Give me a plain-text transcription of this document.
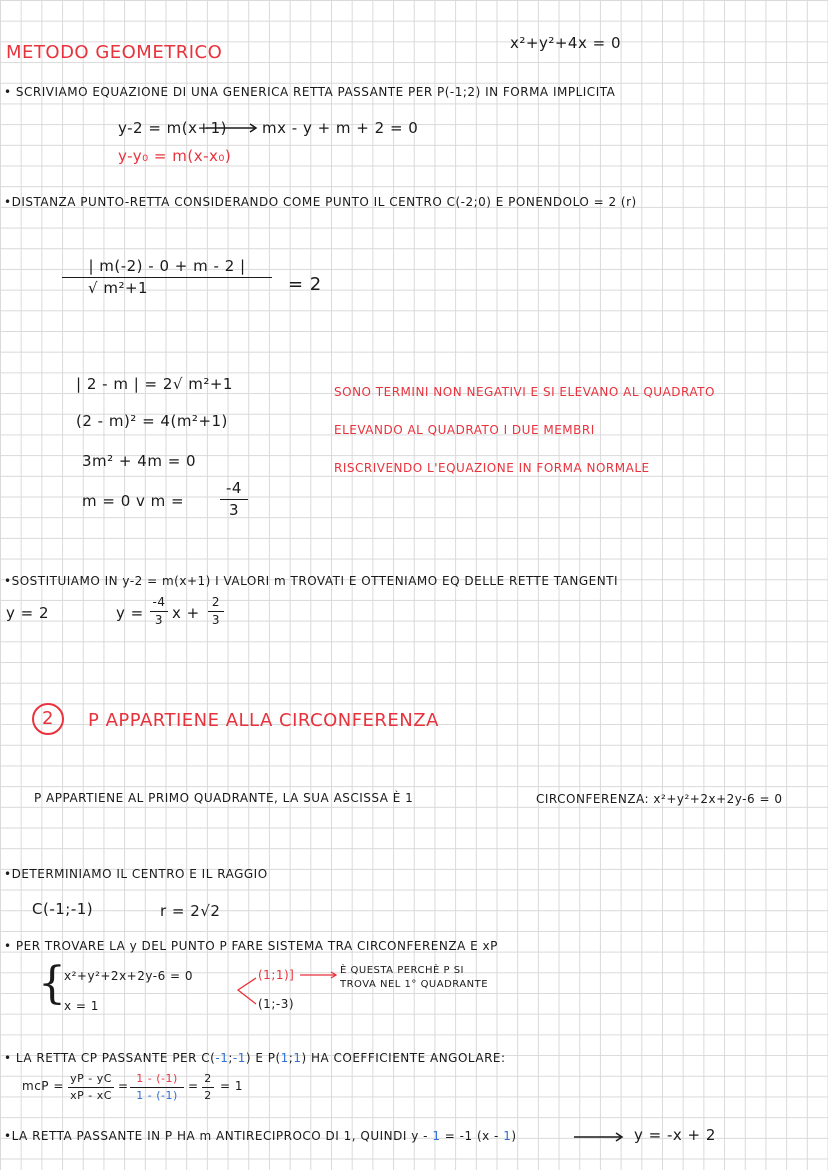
METODO GEOMETRICO	x²+y²+4x = 0
• SCRIVIAMO EQUAZIONE DI UNA GENERICA RETTA PASSANTE PER P(-1;2) IN FORMA IMPLICITA
y-2 = m(x+1) mx - y + m + 2 = 0
y-y₀ = m(x-x₀)
•DISTANZA PUNTO-RETTA CONSIDERANDO COME PUNTO IL CENTRO C(-2;0) E PONENDOLO = 2 (r)
| m(-2) - 0 + m - 2 |
√ m²+1	= 2
| 2 - m | = 2√ m²+1
(2 - m)² = 4(m²+1)
3m² + 4m = 0
m = 0 v m =
-4
3
SONO TERMINI NON NEGATIVI E SI ELEVANO AL QUADRATO
ELEVANDO AL QUADRATO I DUE MEMBRI
RISCRIVENDO L'EQUAZIONE IN FORMA NORMALE
•SOSTITUIAMO IN y-2 = m(x+1) I VALORI m TROVATI E OTTENIAMO EQ DELLE RETTE TANGENTI
y = 2	y =
-4
3 x +
2
3
2	P APPARTIENE ALLA CIRCONFERENZA
P APPARTIENE AL PRIMO QUADRANTE, LA SUA ASCISSA È 1	CIRCONFERENZA: x²+y²+2x+2y-6 = 0
•DETERMINIAMO IL CENTRO E IL RAGGIO
C(-1;-1)	r = 2√2
• PER TROVARE LA y DEL PUNTO P FARE SISTEMA TRA CIRCONFERENZA E xP
{
x²+y²+2x+2y-6 = 0
x = 1
(1;1)]
(1;-3)
È QUESTA PERCHÈ P SI
TROVA NEL 1° QUADRANTE
• LA RETTA CP PASSANTE PER C(-1;-1) E P(1;1) HA COEFFICIENTE ANGOLARE:
mcP =
yP - yC
xP - xC
=
1 - (-1)
1 - (-1)
=
2
2
= 1
•LA RETTA PASSANTE IN P HA m ANTIRECIPROCO DI 1, QUINDI y - 1 = -1 (x - 1)	y = -x + 2
